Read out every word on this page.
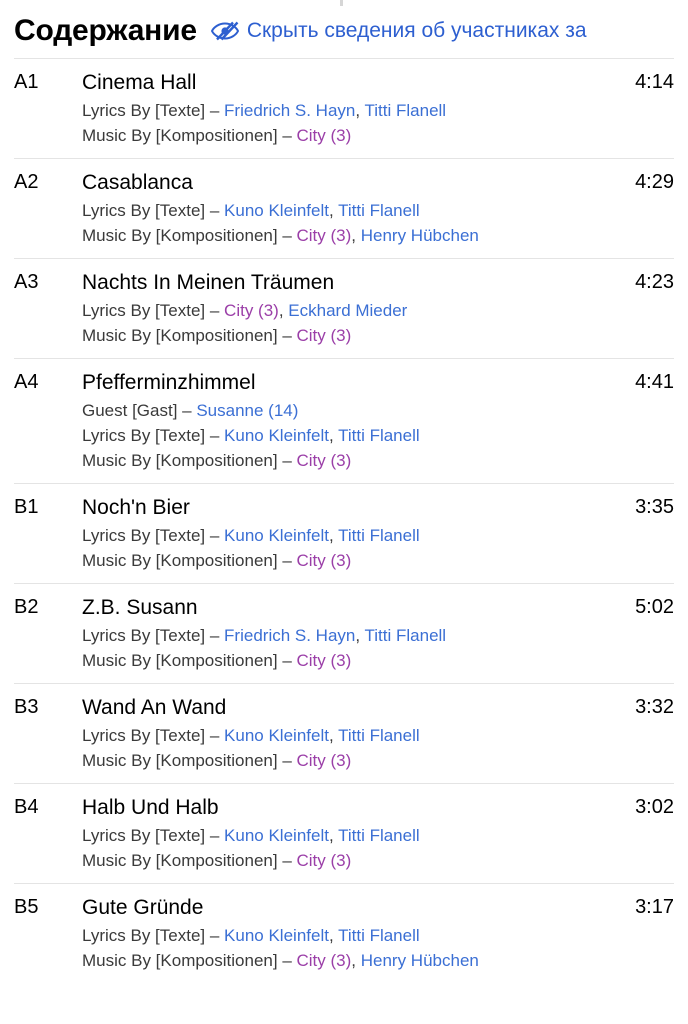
Содержание Скрыть сведения об участниках за
A1	Cinema Hall
Lyrics By [Texte] – Friedrich S. Hayn, Titti Flanell
Music By [Kompositionen] – City (3)
4:14
A2	Casablanca
Lyrics By [Texte] – Kuno Kleinfelt, Titti Flanell
Music By [Kompositionen] – City (3), Henry Hübchen
4:29
A3	Nachts In Meinen Träumen
Lyrics By [Texte] – City (3), Eckhard Mieder
Music By [Kompositionen] – City (3)
4:23
A4	Pfefferminzhimmel
Guest [Gast] – Susanne (14)
Lyrics By [Texte] – Kuno Kleinfelt, Titti Flanell
Music By [Kompositionen] – City (3)
4:41
B1	Noch'n Bier
Lyrics By [Texte] – Kuno Kleinfelt, Titti Flanell
Music By [Kompositionen] – City (3)
3:35
B2	Z.B. Susann
Lyrics By [Texte] – Friedrich S. Hayn, Titti Flanell
Music By [Kompositionen] – City (3)
5:02
B3	Wand An Wand
Lyrics By [Texte] – Kuno Kleinfelt, Titti Flanell
Music By [Kompositionen] – City (3)
3:32
B4	Halb Und Halb
Lyrics By [Texte] – Kuno Kleinfelt, Titti Flanell
Music By [Kompositionen] – City (3)
3:02
B5	Gute Gründe
Lyrics By [Texte] – Kuno Kleinfelt, Titti Flanell
Music By [Kompositionen] – City (3), Henry Hübchen
3:17
